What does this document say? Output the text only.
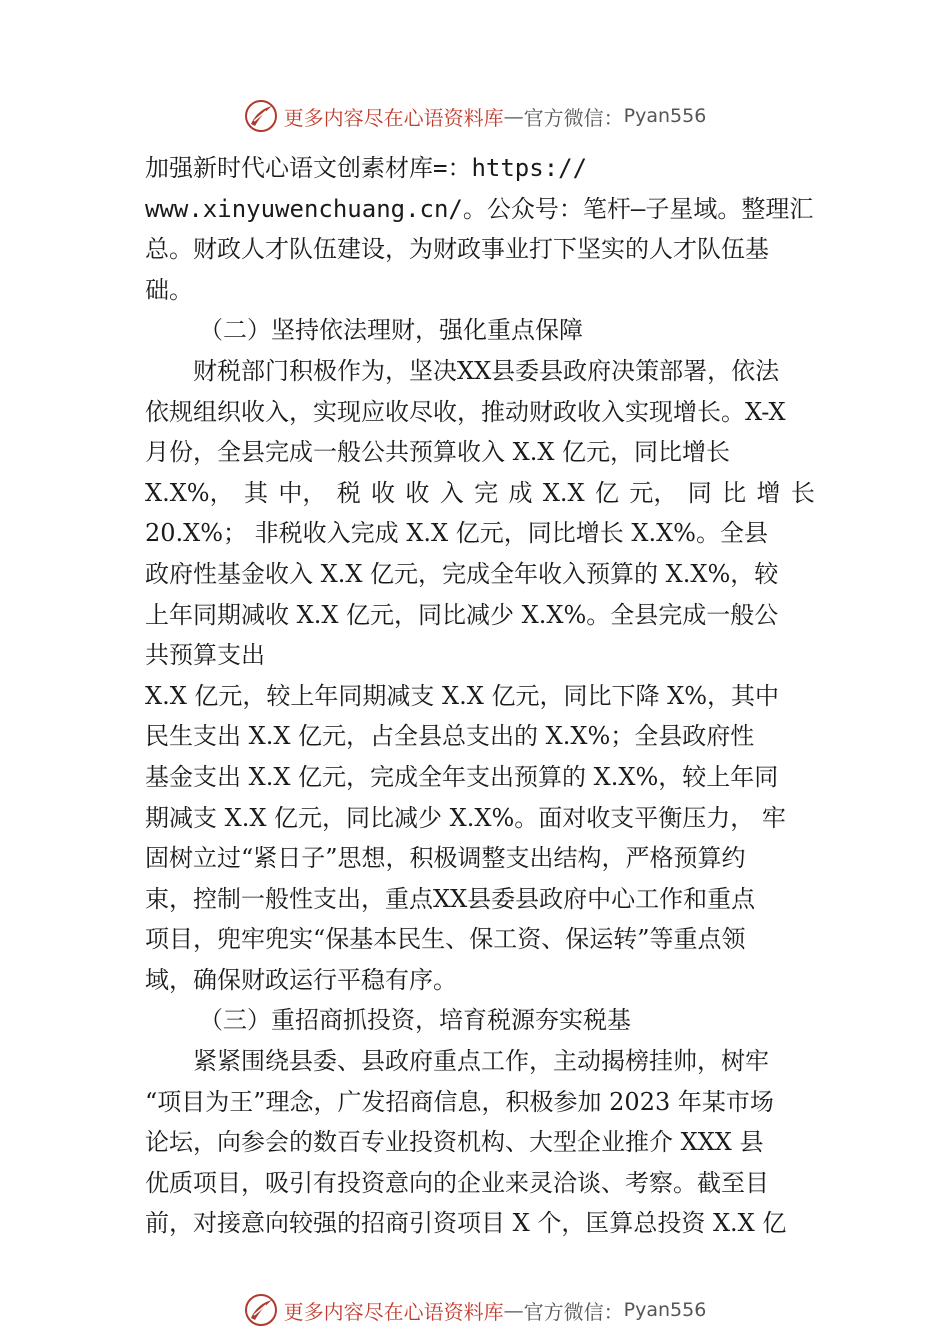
更多内容尽在心语资料库 — 官方微信： Pyan556
加强新时代心语文创素材库=：https://
www.xinyuwenchuang.cn/。公众号：笔杆—子星域。整理汇
总。财政人才队伍建设，为财政事业打下坚实的人才队伍基
础。
（二）坚持依法理财，强化重点保障
财税部门积极作为，坚决XX县委县政府决策部署，依法
依规组织收入，实现应收尽收，推动财政收入实现增长。X-X
月份，全县完成一般公共预算收入 X.X 亿元，同比增长
X.X%， 其 中， 税 收 收 入 完 成 X.X 亿 元， 同 比 增 长
20.X%； 非税收入完成 X.X 亿元，同比增长 X.X%。全县
政府性基金收入 X.X 亿元，完成全年收入预算的 X.X%，较
上年同期减收 X.X 亿元，同比减少 X.X%。全县完成一般公
共预算支出
X.X 亿元，较上年同期减支 X.X 亿元，同比下降 X%，其中
民生支出 X.X 亿元，占全县总支出的 X.X%；全县政府性
基金支出 X.X 亿元，完成全年支出预算的 X.X%，较上年同
期减支 X.X 亿元，同比减少 X.X%。面对收支平衡压力， 牢
固树立过“紧日子”思想，积极调整支出结构，严格预算约
束，控制一般性支出，重点XX县委县政府中心工作和重点
项目，兜牢兜实“保基本民生、保工资、保运转”等重点领
域，确保财政运行平稳有序。
（三）重招商抓投资，培育税源夯实税基
紧紧围绕县委、县政府重点工作，主动揭榜挂帅，树牢
“项目为王”理念，广发招商信息，积极参加 2023 年某市场
论坛，向参会的数百专业投资机构、大型企业推介 XXX 县
优质项目，吸引有投资意向的企业来灵洽谈、考察。截至目
前，对接意向较强的招商引资项目 X 个，匡算总投资 X.X 亿
更多内容尽在心语资料库 — 官方微信： Pyan556
